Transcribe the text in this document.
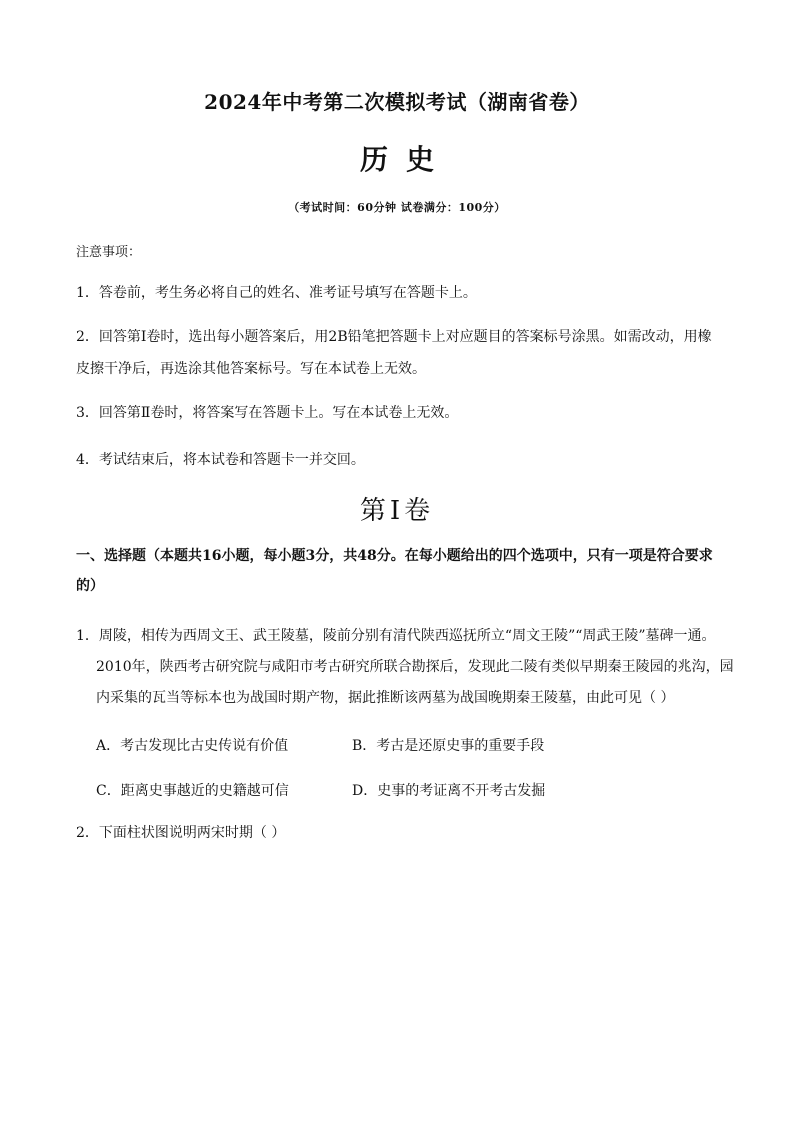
2024年中考第二次模拟考试（湖南省卷）
历史
（考试时间：60分钟 试卷满分：100分）
注意事项：
1．答卷前，考生务必将自己的姓名、准考证号填写在答题卡上。
2．回答第Ⅰ卷时，选出每小题答案后，用2B铅笔把答题卡上对应题目的答案标号涂黑。如需改动，用橡皮擦干净后，再选涂其他答案标号。写在本试卷上无效。
3．回答第Ⅱ卷时，将答案写在答题卡上。写在本试卷上无效。
4．考试结束后，将本试卷和答题卡一并交回。
第Ⅰ卷
一、选择题（本题共16小题，每小题3分，共48分。在每小题给出的四个选项中，只有一项是符合要求的）
1．周陵，相传为西周文王、武王陵墓，陵前分别有清代陕西巡抚所立“周文王陵”“周武王陵”墓碑一通。2010年，陕西考古研究院与咸阳市考古研究所联合勘探后，发现此二陵有类似早期秦王陵园的兆沟，园内采集的瓦当等标本也为战国时期产物，据此推断该两墓为战国晚期秦王陵墓，由此可见（ ）
A．考古发现比古史传说有价值	B．考古是还原史事的重要手段
C．距离史事越近的史籍越可信	D．史事的考证离不开考古发掘
2．下面柱状图说明两宋时期（ ）
